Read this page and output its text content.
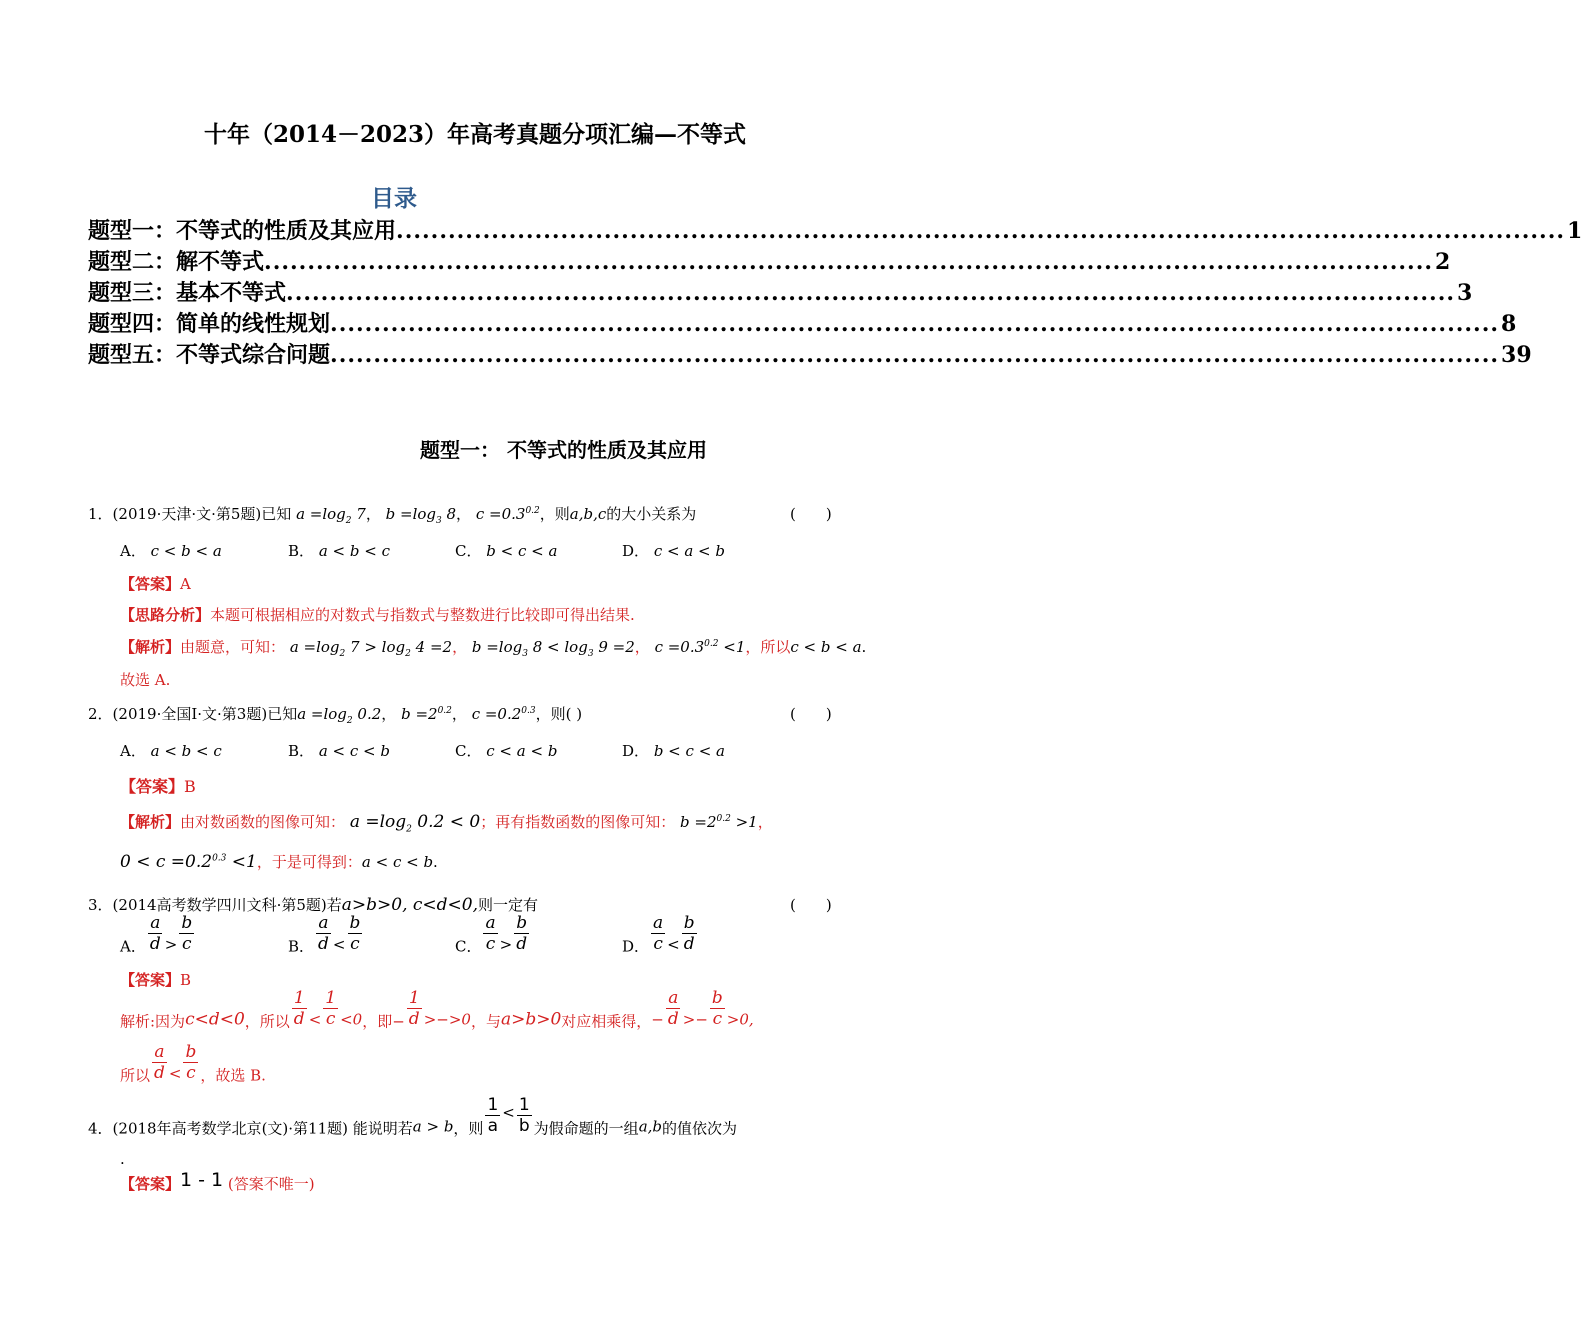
十年（2014－2023）年高考真题分项汇编—不等式
目录
题型一： 不等式的性质及其应用 ....................................................................................................................................... 1
题型二： 解不等式 ....................................................................................................................................... 2
题型三： 基本不等式 ....................................................................................................................................... 3
题型四： 简单的线性规划 ....................................................................................................................................... 8
题型五： 不等式综合问题 ....................................................................................................................................... 39
题型一： 不等式的性质及其应用
1．(2019·天津·文·第5题)已知 $a =\log_2$ 7， $b =\log_3$ 8， $c =0.3^{0.2}$，则a,b,c的大小关系为	(　　)
A． c < b < a	B． a < b < c	C． b < c < a	D． c < a < b
【答案】A
【思路分析】本题可根据相应的对数式与指数式与整数进行比较即可得出结果.
【解析】由题意，可知： $a =\log_2$ $7 > \log_2 4 =2$， $b =\log_3$ $8 < \log_3 9 =2$， $c =0.3^{0.2} <1$，所以c < b < a.
故选 A.
2．(2019·全国Ⅰ·文·第3题)已知$a =\log_2$ 0.2， $b =2^{0.2}$， $c =0.2^{0.3}$，则( )	(　　)
A． a < b < c	B． a < c < b	C． c < a < b	D． b < c < a
【答案】B
【解析】由对数函数的图像可知： $a =\log_2$ 0.2 < 0；再有指数函数的图像可知： $b =2^{0.2} >1$，
$0 < c =0.2^{0.3} <1$，于是可得到：a < c < b.
3．(2014高考数学四川文科·第5题)若a>b>0, c<d<0,则一定有	(　　)
A． $\frac{a}{d} > \frac{b}{c}$	B． $\frac{a}{d} < \frac{b}{c}$	C． $\frac{a}{c} > \frac{b}{d}$	D． $\frac{a}{c} < \frac{b}{d}$
【答案】B
解析:因为c<d<0，所以 $\frac{1}{d} < \frac{1}{c} <0$，即− $\frac{1}{d} >->0$，与a>b>0对应相乘得，− $\frac{a}{d} >- \frac{b}{c} >0$,
所以 $\frac{a}{d} < \frac{b}{c}$ ，故选 B.
4．(2018年高考数学北京(文)·第11题) 能说明若a > b，则 $\frac{1}{a} < \frac{1}{b}$ 为假命题的一组a,b的值依次为
.
【答案】1 - 1 (答案不唯一)
